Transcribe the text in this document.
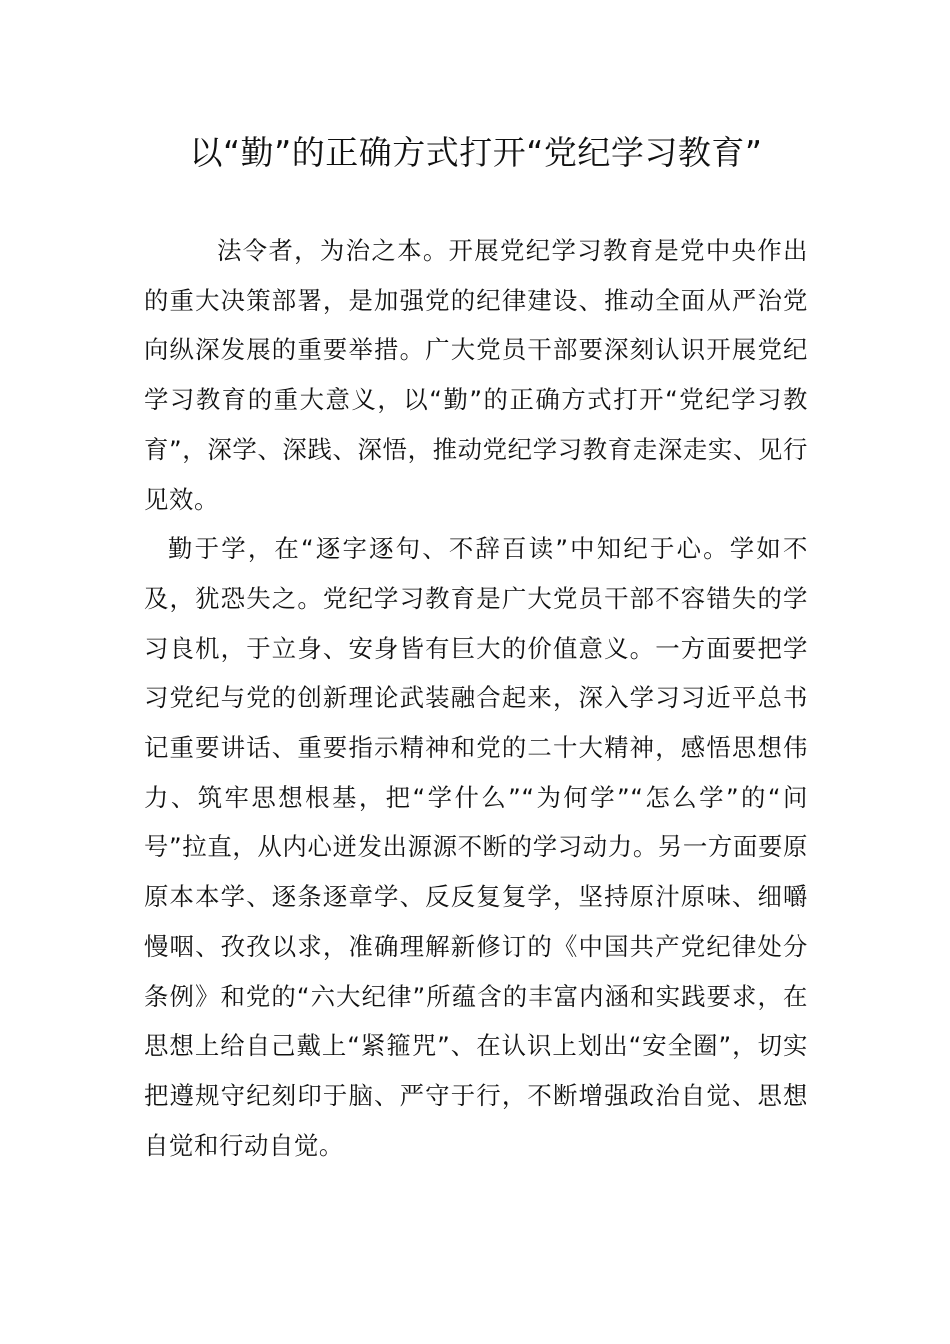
以“勤”的正确方式打开“党纪学习教育”

法令者，为治之本。开展党纪学习教育是党中央作出的重大决策部署，是加强党的纪律建设、推动全面从严治党向纵深发展的重要举措。广大党员干部要深刻认识开展党纪学习教育的重大意义，以“勤”的正确方式打开“党纪学习教育”，深学、深践、深悟，推动党纪学习教育走深走实、见行见效。

勤于学，在“逐字逐句、不辞百读”中知纪于心。学如不及，犹恐失之。党纪学习教育是广大党员干部不容错失的学习良机，于立身、安身皆有巨大的价值意义。一方面要把学习党纪与党的创新理论武装融合起来，深入学习习近平总书记重要讲话、重要指示精神和党的二十大精神，感悟思想伟力、筑牢思想根基，把“学什么”“为何学”“怎么学”的“问号”拉直，从内心迸发出源源不断的学习动力。另一方面要原原本本学、逐条逐章学、反反复复学，坚持原汁原味、细嚼慢咽、孜孜以求，准确理解新修订的《中国共产党纪律处分条例》和党的“六大纪律”所蕴含的丰富内涵和实践要求，在思想上给自己戴上“紧箍咒”、在认识上划出“安全圈”，切实把遵规守纪刻印于脑、严守于行，不断增强政治自觉、思想自觉和行动自觉。
